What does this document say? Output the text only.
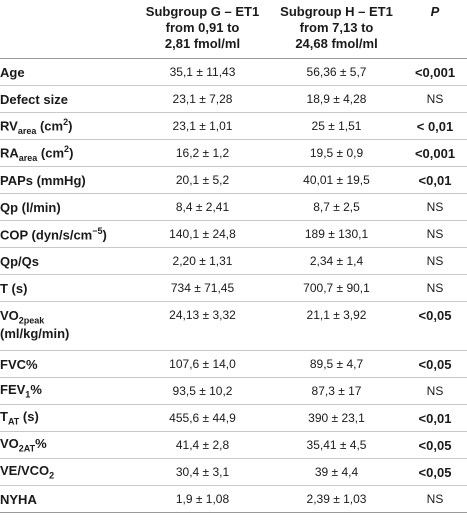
	Subgroup G – ET1
from 0,91 to
2,81 fmol/ml	Subgroup H – ET1
from 7,13 to
24,68 fmol/ml	P
Age	35,1 ± 11,43	56,36 ± 5,7	<0,001
Defect size	23,1 ± 7,28	18,9 ± 4,28	NS
$RV_{area}$ $(cm^2)$	23,1 ± 1,01	25 ± 1,51	< 0,01
$RA_{area}$ $(cm^2)$	16,2 ± 1,2	19,5 ± 0,9	<0,001
PAPs (mmHg)	20,1 ± 5,2	40,01 ± 19,5	<0,01
Qp (l/min)	8,4 ± 2,41	8,7 ± 2,5	NS
COP $(dyn/s/cm^{-5})$	140,1 ± 24,8	189 ± 130,1	NS
Qp/Qs	2,20 ± 1,31	2,34 ± 1,4	NS
T (s)	734 ± 71,45	700,7 ± 90,1	NS
$VO_{2peak}$
(ml/kg/min)	24,13 ± 3,32	21,1 ± 3,92	<0,05
FVC%	107,6 ± 14,0	89,5 ± 4,7	<0,05
$FEV_1\%$	93,5 ± 10,2	87,3 ± 17	NS
$T_{AT}$ (s)	455,6 ± 44,9	390 ± 23,1	<0,01
$VO_{2AT}\%$	41,4 ± 2,8	35,41 ± 4,5	<0,05
$VE/VCO_2$	30,4 ± 3,1	39 ± 4,4	<0,05
NYHA	1,9 ± 1,08	2,39 ± 1,03	NS
